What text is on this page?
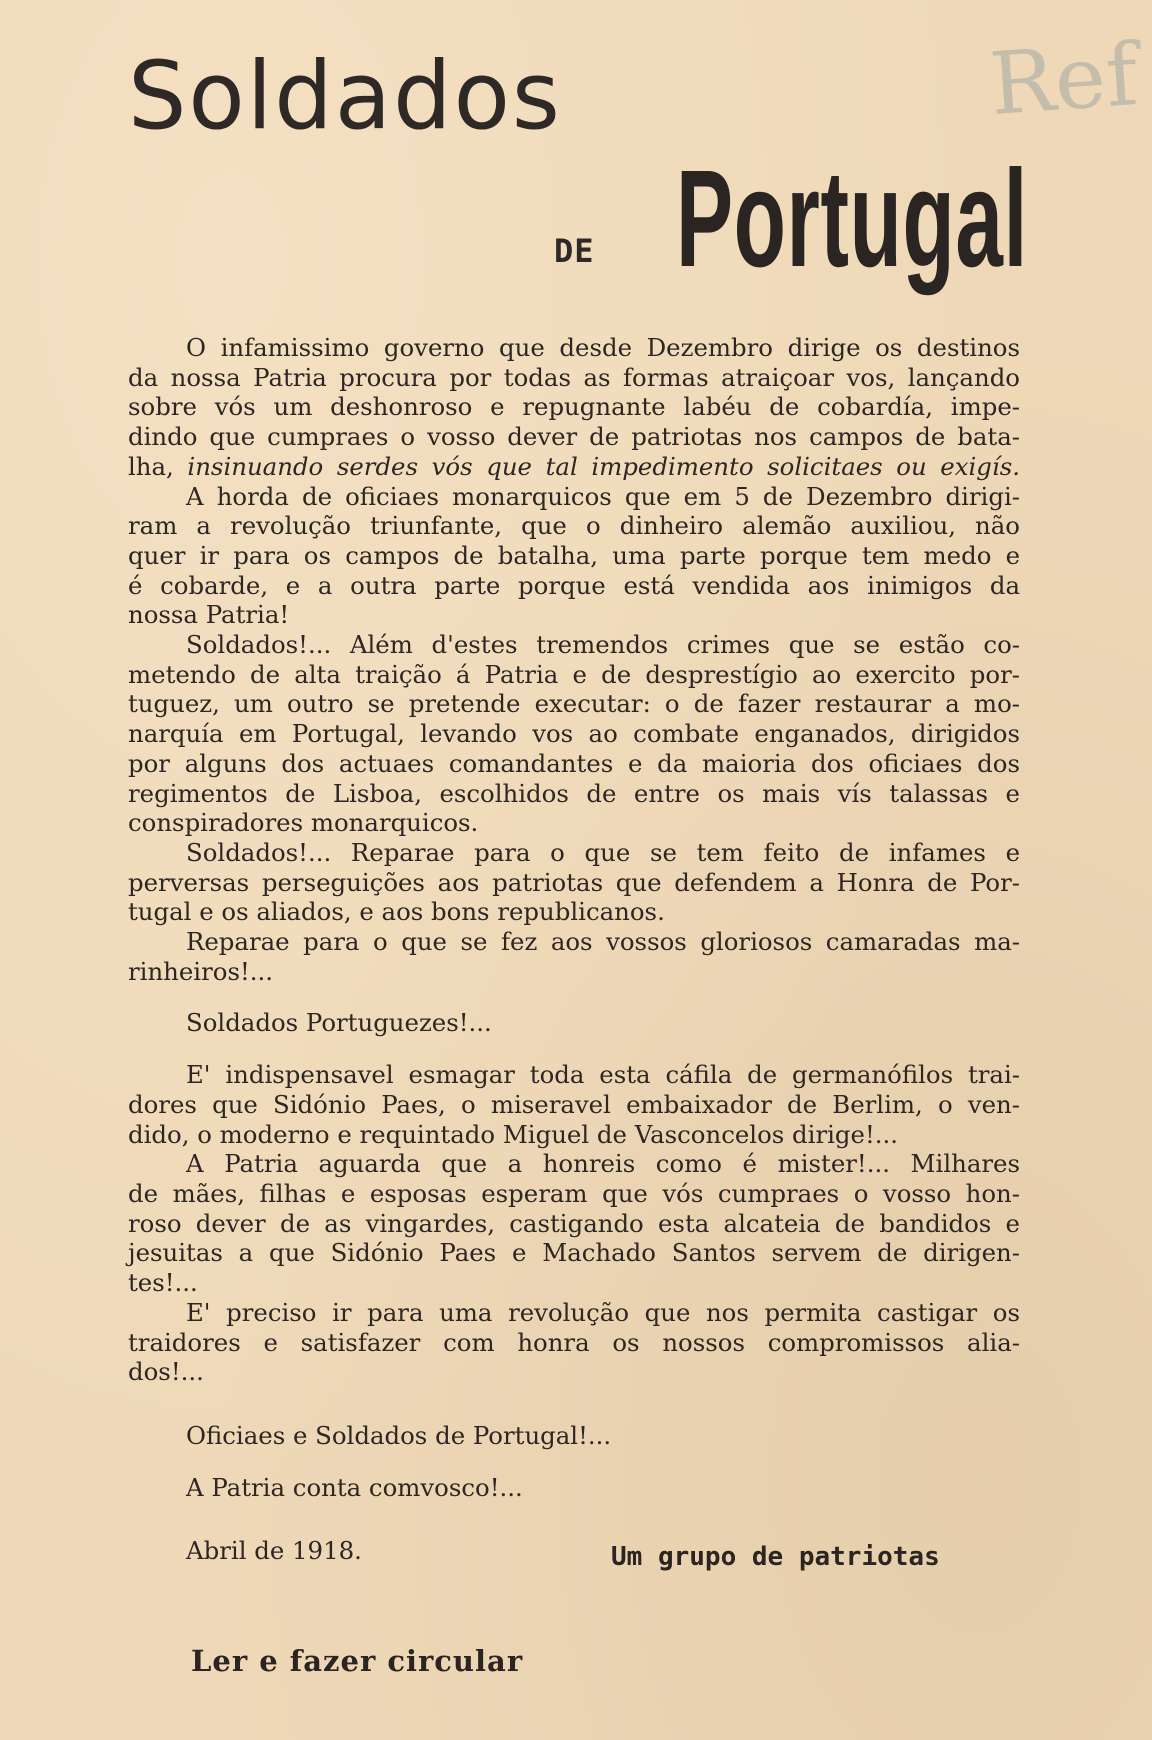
Soldados	Ref
DE Portugal

O infamissimo governo que desde Dezembro dirige os destinos

da nossa Patria procura por todas as formas atraiçoar vos, lançando

sobre vós um deshonroso e repugnante labéu de cobardía, impe-

dindo que cumpraes o vosso dever de patriotas nos campos de bata-

lha, insinuando serdes vós que tal impedimento solicitaes ou exigís.

A horda de oficiaes monarquicos que em 5 de Dezembro dirigi-

ram a revolução triunfante, que o dinheiro alemão auxiliou, não

quer ir para os campos de batalha, uma parte porque tem medo e

é cobarde, e a outra parte porque está vendida aos inimigos da

nossa Patria!

Soldados!... Além d'estes tremendos crimes que se estão co-

metendo de alta traição á Patria e de desprestígio ao exercito por-

tuguez, um outro se pretende executar: o de fazer restaurar a mo-

narquía em Portugal, levando vos ao combate enganados, dirigidos

por alguns dos actuaes comandantes e da maioria dos oficiaes dos

regimentos de Lisboa, escolhidos de entre os mais vís talassas e

conspiradores monarquicos.

Soldados!... Reparae para o que se tem feito de infames e

perversas perseguições aos patriotas que defendem a Honra de Por-

tugal e os aliados, e aos bons republicanos.

Reparae para o que se fez aos vossos gloriosos camaradas ma-

rinheiros!...

Soldados Portuguezes!...

E' indispensavel esmagar toda esta cáfila de germanófilos trai-

dores que Sidónio Paes, o miseravel embaixador de Berlim, o ven-

dido, o moderno e requintado Miguel de Vasconcelos dirige!...

A Patria aguarda que a honreis como é mister!... Milhares

de mães, filhas e esposas esperam que vós cumpraes o vosso hon-

roso dever de as vingardes, castigando esta alcateia de bandidos e

jesuitas a que Sidónio Paes e Machado Santos servem de dirigen-

tes!...

E' preciso ir para uma revolução que nos permita castigar os

traidores e satisfazer com honra os nossos compromissos alia-

dos!...

Oficiaes e Soldados de Portugal!...

A Patria conta comvosco!...

Abril de 1918.	Um grupo de patriotas
Ler e fazer circular
